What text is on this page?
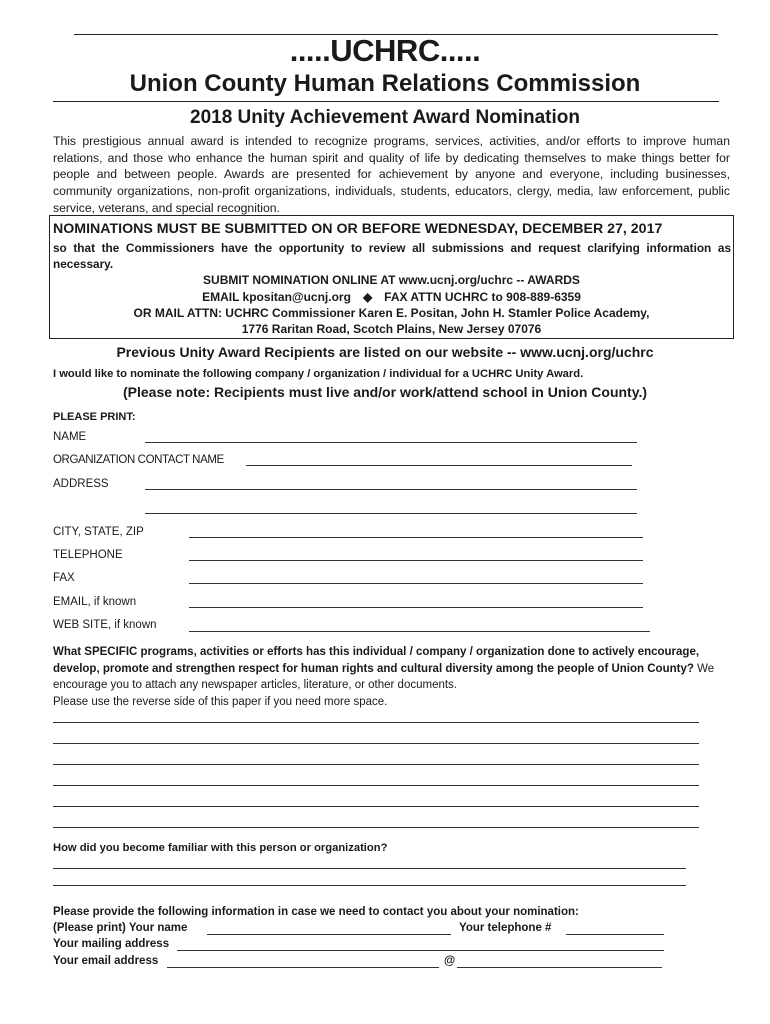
.....UCHRC.....
Union County Human Relations Commission
2018 Unity Achievement Award Nomination
This prestigious annual award is intended to recognize programs, services, activities, and/or efforts to improve human relations, and those who enhance the human spirit and quality of life by dedicating themselves to make things better for people and between people. Awards are presented for achievement by anyone and everyone, including businesses, community organizations, non-profit organizations, individuals, students, educators, clergy, media, law enforcement, public service, veterans, and special recognition.
NOMINATIONS MUST BE SUBMITTED ON OR BEFORE WEDNESDAY, DECEMBER 27, 2017
so that the Commissioners have the opportunity to review all submissions and request clarifying information as necessary.
SUBMIT NOMINATION ONLINE AT www.ucnj.org/uchrc -- AWARDS
EMAIL kpositan@ucnj.org ◆ FAX ATTN UCHRC to 908-889-6359
OR MAIL ATTN: UCHRC Commissioner Karen E. Positan, John H. Stamler Police Academy,
1776 Raritan Road, Scotch Plains, New Jersey 07076
Previous Unity Award Recipients are listed on our website -- www.ucnj.org/uchrc
I would like to nominate the following company / organization / individual for a UCHRC Unity Award.
(Please note: Recipients must live and/or work/attend school in Union County.)
PLEASE PRINT:
NAME
ORGANIZATION CONTACT NAME
ADDRESS
CITY, STATE, ZIP
TELEPHONE
FAX
EMAIL, if known
WEB SITE, if known
What SPECIFIC programs, activities or efforts has this individual / company / organization done to actively encourage, develop, promote and strengthen respect for human rights and cultural diversity among the people of Union County? We encourage you to attach any newspaper articles, literature, or other documents.
Please use the reverse side of this paper if you need more space.
How did you become familiar with this person or organization?
Please provide the following information in case we need to contact you about your nomination:
(Please print) Your name	Your telephone #
Your mailing address
Your email address	@
